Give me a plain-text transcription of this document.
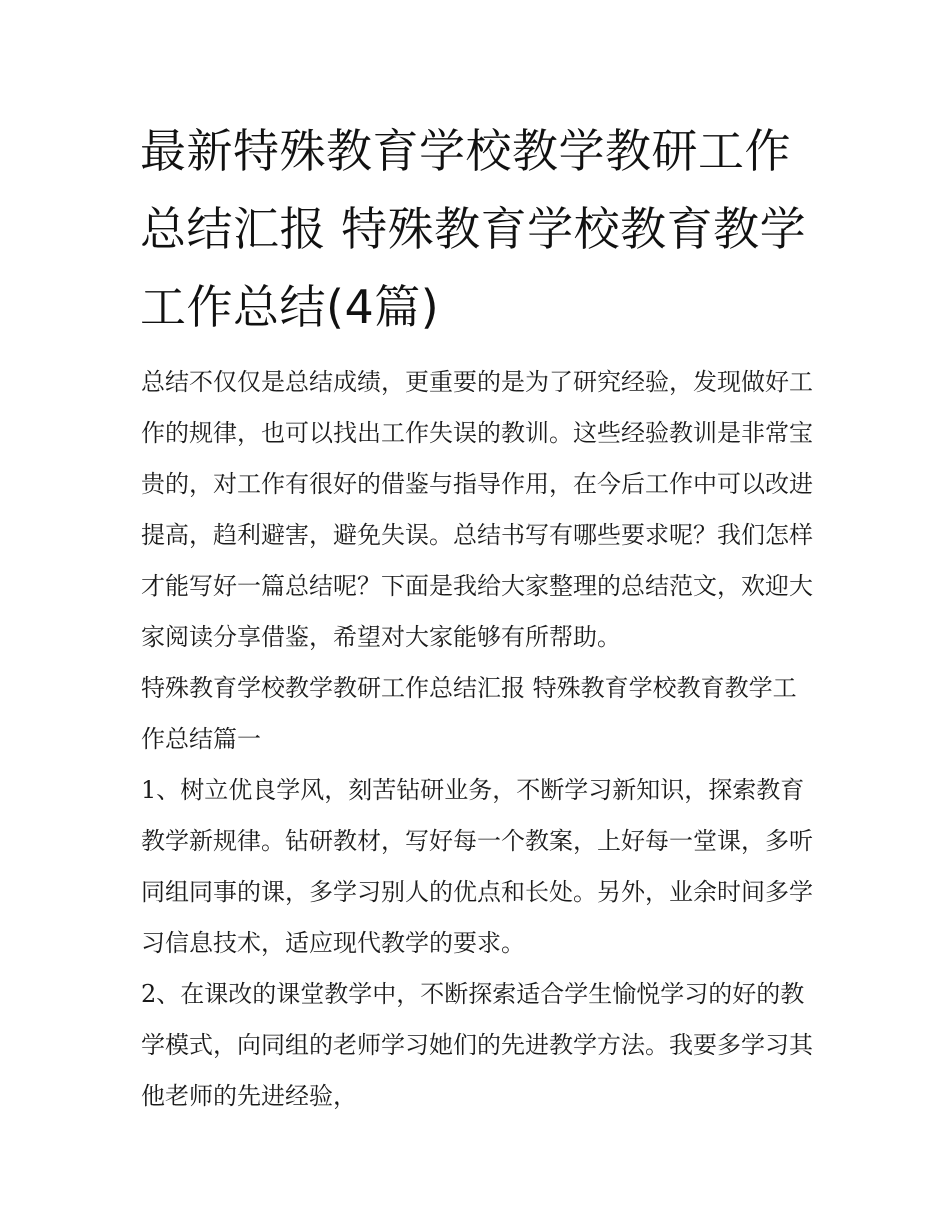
最新特殊教育学校教学教研工作总结汇报 特殊教育学校教育教学工作总结(4篇)

总结不仅仅是总结成绩，更重要的是为了研究经验，发现做好工作的规律，也可以找出工作失误的教训。这些经验教训是非常宝贵的，对工作有很好的借鉴与指导作用，在今后工作中可以改进提高，趋利避害，避免失误。总结书写有哪些要求呢？我们怎样才能写好一篇总结呢？下面是我给大家整理的总结范文，欢迎大家阅读分享借鉴，希望对大家能够有所帮助。

特殊教育学校教学教研工作总结汇报 特殊教育学校教育教学工作总结篇一

1、树立优良学风，刻苦钻研业务，不断学习新知识，探索教育教学新规律。钻研教材，写好每一个教案，上好每一堂课，多听同组同事的课，多学习别人的优点和长处。另外，业余时间多学习信息技术，适应现代教学的要求。

2、在课改的课堂教学中，不断探索适合学生愉悦学习的好的教学模式，向同组的老师学习她们的先进教学方法。我要多学习其他老师的先进经验，
